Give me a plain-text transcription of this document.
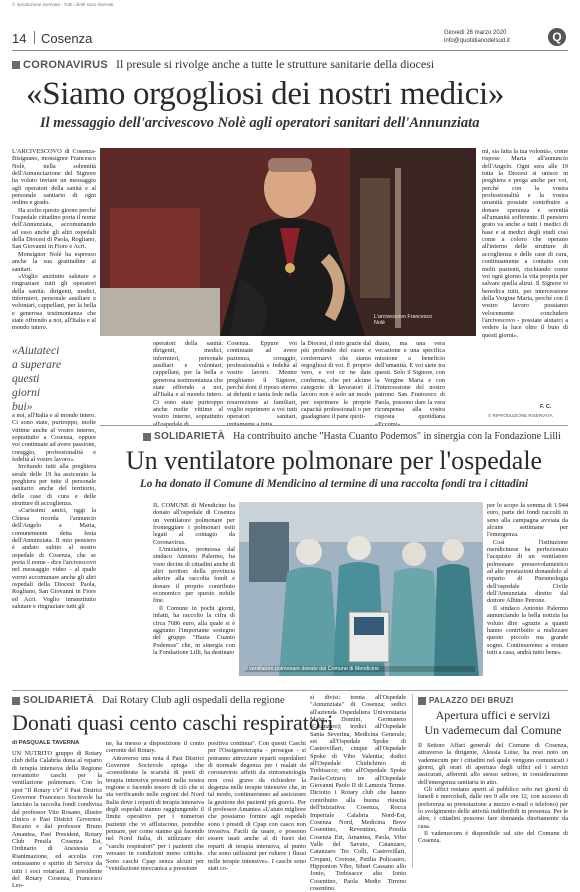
© riproduzione riservata - Tutti i diritti sono riservati
14 Cosenza	Giovedì 26 marzo 2020
info@quotidianodelsud.it	Q
CORONAVIRUS Il presule si rivolge anche a tutte le strutture sanitarie della diocesi
«Siamo orgogliosi dei nostri medici»
Il messaggio dell'arcivescovo Nolè agli operatori sanitari dell'Annunziata

L'ARCIVESCOVO di Cosenza-Bisignano, monsignor Francesco Nolè, nella solennità dell'Annunciazione del Signore ha voluto inviare un messaggio agli operatori della sanità e al personale sanitario di ogni ordine e grado.

Ha scelto questo giorno perché l'ospedale cittadino porta il nome dell'Annunziata, accomunando ad esso anche gli altri ospedali della Diocesi di Paola, Rogliano, San Giovanni in Fiore e Acri.

Monsignor Nolè ha espresso anche la sua gratitudine ai sanitari.

«Voglio anzitutto salutare e ringraziare tutti gli operatori della sanità: dirigenti, medici, infermieri, personale ausiliare e volontari, cappellani, per la bella e generosa testimonianza che state offrendo a noi, all'Italia e al mondo intero.

«Aiutateci a superare questi giorni bui»

a noi, all'Italia e al mondo intero. Ci sono state, purtroppo, molte vittime anche al vostro interno, soprattutto a Cosenza, oppure voi continuate ad avere passione, coraggio, professionalità e fedeltà al vostro lavoro».

Invitando tutti alla preghiera serale delle 19 ha assicurato la preghiera per tutte il personale sanitario anche del territorio, delle case di cura e delle strutture di accoglienza.

«Carissimi amici, oggi la Chiesa ricorda l'annuncio dell'Angelo a Maria, comunemente detta festa dell'Annunziata. Il mio pensiero è andato subito al nostro ospedale di Cosenza, che se porta il nome - dice l'arcivescovo nel messaggio video - al quale vorrei accomunare anche gli altri ospedali della Diocesi: Paola, Rogliano, San Giovanni in Fiore ed Acri. Voglio innanzitutto salutare e ringraziare tutti gli

L'arcivescovo Francesco Nolè

operatori della sanità: dirigenti, medici, infermieri, personale ausiliari e volontari, cappellani, per la bella e generosa testimonianza che state offrendo a noi, all'Italia e al mondo intero. Ci sono state purtroppo anche molte vittime al vostro interno, soprattutto

Cosenza. Eppure voi continuate ad avere pazienza, coraggio, professionalità e fedeltà al vostro lavoro. Mentre preghiamo il Signore, perché doni il riposo eterno ai defunti e tanta fede nella resurrezione ai familiari, voglio esprimere a voi tutti operatori sanitari,

la Diocesi, il mio grazie dal più profondo del cuore e confermarvi che siamo orgogliosi di voi. È proprio vero, e voi ce ne date conferma, che per alcune categorie di lavoratori il lavoro non è solo un modo per esprimere le proprie capacità professionali o per guadagnare il pane quoti-

diano, ma una vera vocazione e una specifica missione a beneficio dell'umanità. E voi siete tra questi. Solo il Signore, con la Vergine Maria e con l'intercessione del nostro patrono San Francesco di Paola, possono dare la vera ricompensa alla vostra risposta quotidiana

mi, sia fatta la tua volontà», come rispose Maria all'annuncio dell'Angelo. Ogni sera alle 19 tutta la Diocesi si unisce in preghiera e prega anche per voi, perché con la vostra professionalità e la vostra umanità possiate contribuire a donare speranza e serenità all'umanità sofferente. Il pensiero grato va anche a tutti i medici di base e ai medici degli studi così come a coloro che operano all'interno delle strutture di accoglienza e delle case di cura, continuamente a contatto con molti pazienti, rischiando come voi ogni giorno la vita propria per salvare quella altrui. Il Signore vi benedica tutti, per intercessione della Vergine Maria, perché con il vostro lavoro possiamo velocemente concludere l'arcivescovo - possiate aiutarci a vedere la luce oltre il buio di questi giorni».

F. C.
© RIPRODUZIONE RISERVATA
SOLIDARIETÀ Ha contribuito anche "Hasta Cuanto Podemos" in sinergia con la Fondazione Lilli
Un ventilatore polmonare per l'ospedale
Lo ha donato il Comune di Mendicino al termine di una raccolta fondi tra i cittadini

IL COMUNE di Mendicino ha donato all'ospedale di Cosenza un ventilatore polmonare per fronteggiare i polmonari esiti legati al contagio da Coronavirus.

L'iniziativa, promossa dal sindaco Antonio Palermo, ha visto decine di cittadini anche di altri territori della provincia aderire alla raccolta fondi e donare il proprio contributo economico per questo nobile fine.

Il Comune in pochi giorni, infatti, ha raccolto la cifra di circa 7686 euro, alla quale si è aggiunto l'importante sostegno del gruppo "Hasta Cuanto Podemos" che, in sinergia con la Fondazione Lilli, ha destinato

Il ventilatore polmonare donato dal Comune di Mendicino

per lo scopo la somma di 1.944 euro, parte dei fondi raccolti in seno alla campagna avviata da alcune settimane per l'emergenza.

Così l'istituzione mendicinese ha perfezionato l'acquisto di un ventilatore polmonare pressovolumetrico ad alte prestazioni donandolo al reparto di Pneumologia dell'ospedale Civile dell'Annunziata diretto dal dottore Albino Petrone.

Il sindaco Antonio Palermo annunciando la bella notizia ha voluto dire «grazie a quanti hanno contribuito a realizzare questo piccolo ma grande sogno. Continueremo a restare tutti a casa, andrà tutto bene».

SOLIDARIETÀ Dai Rotary Club agli ospedali della regione
Donati quasi cento caschi respiratori
di PASQUALE TAVERNA

UN NUTRITO gruppo di Rotary club della Calabria dona al reparto di terapia intensiva della Regione novantotto caschi per la ventilazione polmonare. Con lo spot "Il Rotary c'è" il Past District Governor Francesco Socievole ha lanciato la raccolta fondi condivisa dal professor Vito Rosano, illustre clinico e Past District Governor. Recano e dal professor Bruno Amantea, Past President, Rotary Club Presila Cosenza Est, Ordinario di Anestesia e Rianimazione, ed accolta con entusiasmo e spirito di Service da tutti i soci rotariani. Il presidente del Rotary Cosenza, Francesco Leo-

ne, ha messo a disposizione il conto corrente del Rotary.

Attraverso una nota il Past District Governor Socievole spiega che «considerata la scarsità di posti di terapia intensiva presenti nella nostra regione e facendo tesoro di ciò che si sta verificando nelle regioni del Nord Italia dove i reparti di terapia intensiva degli ospedali stanno raggiungendo il limite operativo per i numerosi pazienti che vi affluiscono, potrebbe pensare, per come stanno già facendo nel Nord Italia, di utilizzare dei "caschi respiratori" per i pazienti che versano in condizioni meno critiche. Sono caschi Cpap senza alcuni per "ventilazione meccanica a pressione

positiva continua". Con questi Caschi per l'Ossigenoterapia - prosegue - si potranno attrezzare reparti ospedalieri di normale degenza per i malati da coronavirus affetti da sintomatologia non così grave da richiedere la degenza nelle terapie intensive che, in tal modo, continueranno ad assicurare la gestione dei pazienti più gravi». Per il professor Amantea «L'aiuto migliore che possiamo fornire agli ospedali sono i presidi di Cpap con casco non invasiva. Facili da usare, e possono essere usati anche al di fuori dei reparti di terapia intensiva, al punto che sono utilissimi per ridurre i flussi nelle terapie intensive». I caschi sono stati co-

sì divisi: trenta all'Ospedale "Annunziata" di Cosenza; sedici all'azienda Ospedaliera Universitaria Mater Domini, Germaneto (Catanzaro); tredici all'Ospedale Santa Severina, Medicina Generale; sei all'Ospedale Spoke di Castrovillari, cinque all'Ospedale Spoke di Vibo Valentia; dodici all'Ospedale Chidichimo di Trebisacce; otto all'Ospedale Spoke Paola-Cetraro; tre all'Ospedale Giovanni Paolo II di Lamezia Terme. Diciotto i Rotary club che hanno contribuito alla buona riuscita dell'iniziativa: Cosenza, Rocca Imperiale Calabria Nord-Est, Cosenza Nord, Medicina Bove Cosentino, Reventino, Presila Cosenza Est, Amantea, Paola, Vibo Valle del Savuto, Catanzaro, Catanzaro Tre Colli, Castrovillari, Cropani, Crotone, Petilia Policastro, Hipponion Vibo, Sibari Cassano allo Jonio, Trebisacce alto Ionio Cosentino, Paola Medio Tirreno cosentino.

PALAZZO DEI BRUZI
Apertura uffici e servizi
Un vademecum dal Comune

Il Settore Affari generali del Comune di Cosenza, attraverso la dirigente, Alessia Loise, ha reso noto un vademecum per i cittadini nel quale vengono comunicati i giorni, gli orari di apertura degli uffici ed i servizi assicurati, afferenti allo stesso settore, in considerazione dell'emergenza sanitaria in atto.

Gli uffici restano aperti al pubblico solo nei giorni di lunedì e mercoledì, dalle ore 9 alle ore 12, con accesso di preferenza su prenotazione a mezzo e-mail o telefono) per lo svolgimento delle attività indifferibili in presenza. Per le altre, i cittadini possono fare domanda direttamente da casa.

Il vademecum è disponibile sul sito del Comune di Cosenza.
